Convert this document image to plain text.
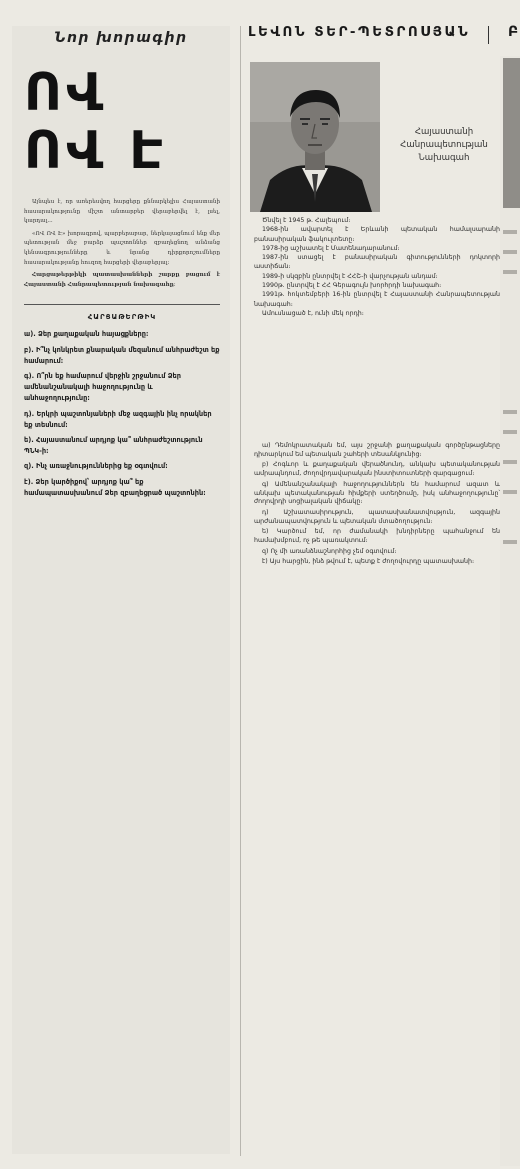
Նոր խորագիր
ՈՎ
ՈՎ Է

Այնպես է, որ առերեսվող հարցերը քննարկելիս Հայաստանի հասարակությունը միշտ անտարբեր վերաբերվել է, լսել, կարդալ...

«ՈՎ ՈՎ Է» խորագրով, պարբերաբար, ներկայացնում ենք մեր պետության մեջ բարձր պաշտոններ զբաղեցնող անձանց կենսագրությունները և նրանց դիրքորոշումները հասարակությանը հուզող հարցերի վերաբերյալ։

Հարցաթերթիկի պատասխանների շարքը բացում է Հայաստանի Հանրապետության նախագահը։

ՀԱՐՑԱԹԵՐԹԻԿ
ա). Ձեր քաղաքական հայացքները։
բ). Ի՞նչ կոնկրետ քնարական մեզանում անհրաժեշտ եք համարում։
գ). Ո՞րն եք համարում վերջին շրջանում Ձեր ամենանշանակալի հաջողությունը և անհաջողությունը։
դ). Երկրի պաշտոնյաների մեջ ազգային ինչ որակներ եք տեսնում։
ե). Հայաստանում արդյոք կա՞ անհրաժեշտություն ՊՆԿ-ի։
զ). Ինչ առաջնություններից եք օգտվում։
է). Ձեր կարծիքով՝ արդյոք կա՞ եք համապատասխանում Ձեր զբաղեցրած պաշտոնին։
ԼԵՎՈՆ ՏԵՐ-ՊԵՏՐՈՍՅԱՆ	Բ
Հայաստանի Հանրապետության Նախագահ

Ծնվել է 1945 թ. Հալեպում։

1968-ին ավարտել է Երևանի պետական համալսարանի բանասիրական ֆակուլտետը։

1978-ից աշխատել է Մատենադարանում։

1987-ին ստացել է բանասիրական գիտությունների դոկտորի աստիճան։

1989-ի սկզբին ընտրվել է ՀՀՇ-ի վարչության անդամ։

1990թ. ընտրվել է ՀՀ Գերագույն խորհրդի նախագահ։

1991թ. հոկտեմբերի 16-ին ընտրվել է Հայաստանի Հանրապետության նախագահ։

Ամուսնացած է, ունի մեկ որդի։

ա) Դեմոկրատական եմ, այս շրջանի քաղաքական գործընթացները դիտարկում եմ պետական շահերի տեսանկյունից։

բ) Հոգևոր և քաղաքական վերածնունդ, անկախ պետականության ամրապնդում, ժողովրդավարական ինստիտուտների զարգացում։

գ) Ամենանշանակալի հաջողություններն են համարում ազատ և անկախ պետականության հիմքերի ստեղծումը, իսկ անհաջողությունը՝ ժողովրդի սոցիալական վիճակը։

դ) Աշխատասիրություն, պատասխանատվություն, ազգային արժանապատվություն և պետական մտածողություն։

ե) Կարծում եմ, որ ժամանակի խնդիրները պահանջում են համախմբում, ոչ թե պառակտում։

զ) Ոչ մի առանձնաշնորհից չեմ օգտվում։

է) Այս հարցին, ինձ թվում է, պետք է ժողովուրդը պատասխանի։
